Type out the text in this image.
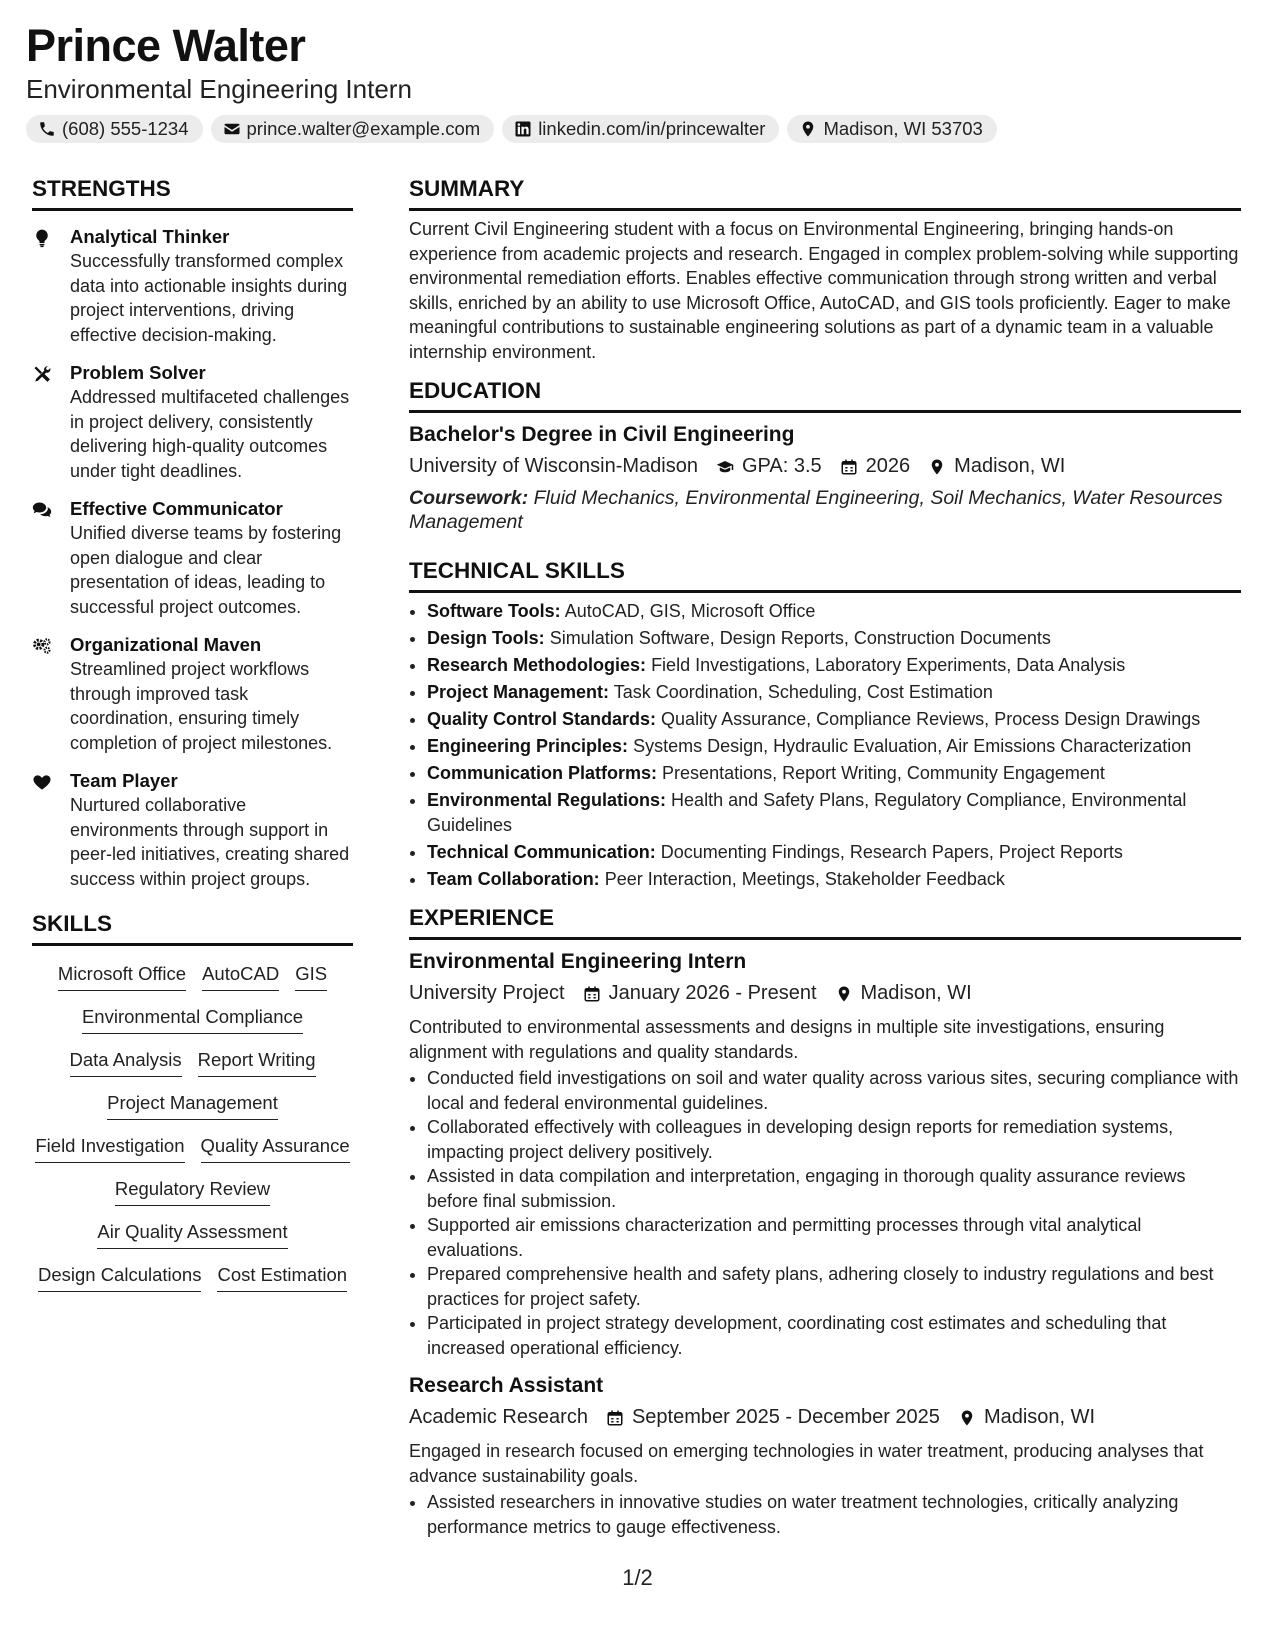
Prince Walter
Environmental Engineering Intern
(608) 555-1234	prince.walter@example.com	linkedin.com/in/princewalter	Madison, WI 53703
STRENGTHS
Analytical Thinker
Successfully transformed complex data into actionable insights during project interventions, driving effective decision-making.
Problem Solver
Addressed multifaceted challenges in project delivery, consistently delivering high-quality outcomes under tight deadlines.
Effective Communicator
Unified diverse teams by fostering open dialogue and clear presentation of ideas, leading to successful project outcomes.
Organizational Maven
Streamlined project workflows through improved task coordination, ensuring timely completion of project milestones.
Team Player
Nurtured collaborative environments through support in peer-led initiatives, creating shared success within project groups.
SKILLS
Microsoft Office AutoCAD GIS
Environmental Compliance
Data Analysis Report Writing
Project Management
Field Investigation Quality Assurance
Regulatory Review
Air Quality Assessment
Design Calculations Cost Estimation
SUMMARY

Current Civil Engineering student with a focus on Environmental Engineering, bringing hands-on experience from academic projects and research. Engaged in complex problem-solving while supporting environmental remediation efforts. Enables effective communication through strong written and verbal skills, enriched by an ability to use Microsoft Office, AutoCAD, and GIS tools proficiently. Eager to make meaningful contributions to sustainable engineering solutions as part of a dynamic team in a valuable internship environment.

EDUCATION
Bachelor's Degree in Civil Engineering
University of Wisconsin-Madison GPA: 3.5 2026 Madison, WI
Coursework: Fluid Mechanics, Environmental Engineering, Soil Mechanics, Water Resources Management
TECHNICAL SKILLS
• Software Tools: AutoCAD, GIS, Microsoft Office
• Design Tools: Simulation Software, Design Reports, Construction Documents
• Research Methodologies: Field Investigations, Laboratory Experiments, Data Analysis
• Project Management: Task Coordination, Scheduling, Cost Estimation
• Quality Control Standards: Quality Assurance, Compliance Reviews, Process Design Drawings
• Engineering Principles: Systems Design, Hydraulic Evaluation, Air Emissions Characterization
• Communication Platforms: Presentations, Report Writing, Community Engagement
• Environmental Regulations: Health and Safety Plans, Regulatory Compliance, Environmental Guidelines
• Technical Communication: Documenting Findings, Research Papers, Project Reports
• Team Collaboration: Peer Interaction, Meetings, Stakeholder Feedback
EXPERIENCE
Environmental Engineering Intern
University Project January 2026 - Present Madison, WI

Contributed to environmental assessments and designs in multiple site investigations, ensuring alignment with regulations and quality standards.

• Conducted field investigations on soil and water quality across various sites, securing compliance with local and federal environmental guidelines.
• Collaborated effectively with colleagues in developing design reports for remediation systems, impacting project delivery positively.
• Assisted in data compilation and interpretation, engaging in thorough quality assurance reviews before final submission.
• Supported air emissions characterization and permitting processes through vital analytical evaluations.
• Prepared comprehensive health and safety plans, adhering closely to industry regulations and best practices for project safety.
• Participated in project strategy development, coordinating cost estimates and scheduling that increased operational efficiency.
Research Assistant
Academic Research September 2025 - December 2025 Madison, WI

Engaged in research focused on emerging technologies in water treatment, producing analyses that advance sustainability goals.

• Assisted researchers in innovative studies on water treatment technologies, critically analyzing performance metrics to gauge effectiveness.
1/2
